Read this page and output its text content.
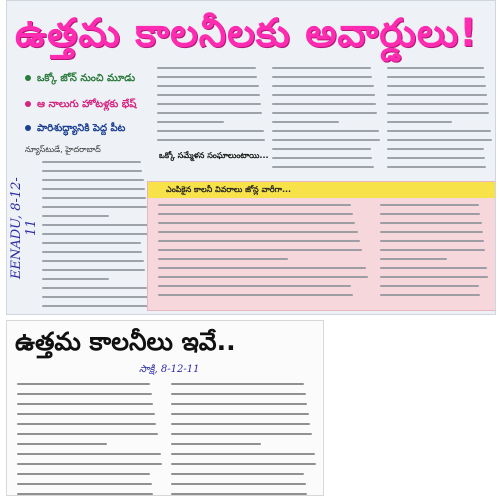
ఉత్తమ కాలనీలకు అవార్డులు!
ఒక్కో జోన్ నుంచి మూడు
ఆ నాలుగు హోటళ్లకు భేష్
పారిశుద్ధ్యానికి పెద్ద పీట
న్యూస్‌టుడే, హైదరాబాద్
EENADU, 8-12-11
ఒక్కో సమ్మేళన సంఘాలుంటాయి...
ఎంపికైన కాలనీ వివరాలు జోన్ల వారీగా...
ఉత్తమ కాలనీలు ఇవే..
సాక్షి, 8-12-11
